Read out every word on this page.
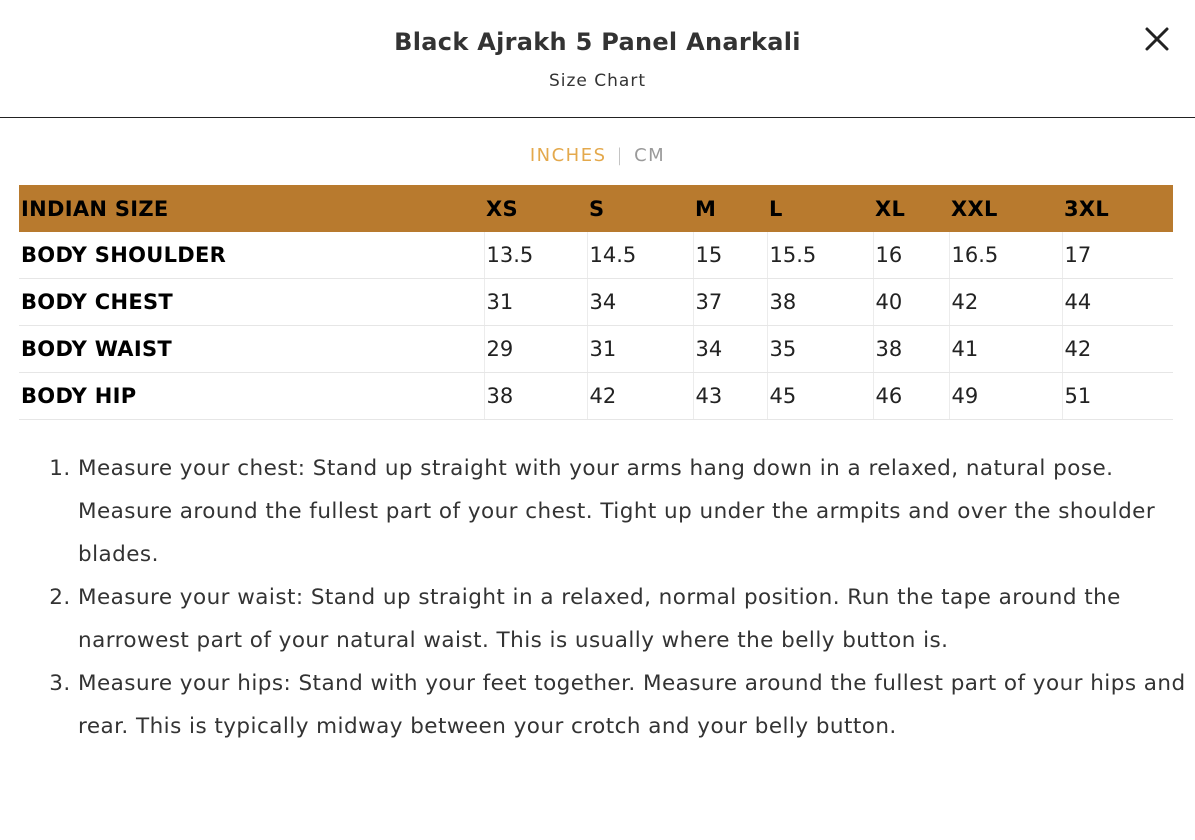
Black Ajrakh 5 Panel Anarkali
Size Chart
INCHES | CM
INDIAN SIZE	XS	S	M	L	XL	XXL	3XL
BODY SHOULDER	13.5	14.5	15	15.5	16	16.5	17
BODY CHEST	31	34	37	38	40	42	44
BODY WAIST	29	31	34	35	38	41	42
BODY HIP	38	42	43	45	46	49	51
1. Measure your chest: Stand up straight with your arms hang down in a relaxed, natural pose. Measure around the fullest part of your chest. Tight up under the armpits and over the shoulder blades.
2. Measure your waist: Stand up straight in a relaxed, normal position. Run the tape around the narrowest part of your natural waist. This is usually where the belly button is.
3. Measure your hips: Stand with your feet together. Measure around the fullest part of your hips and rear. This is typically midway between your crotch and your belly button.
